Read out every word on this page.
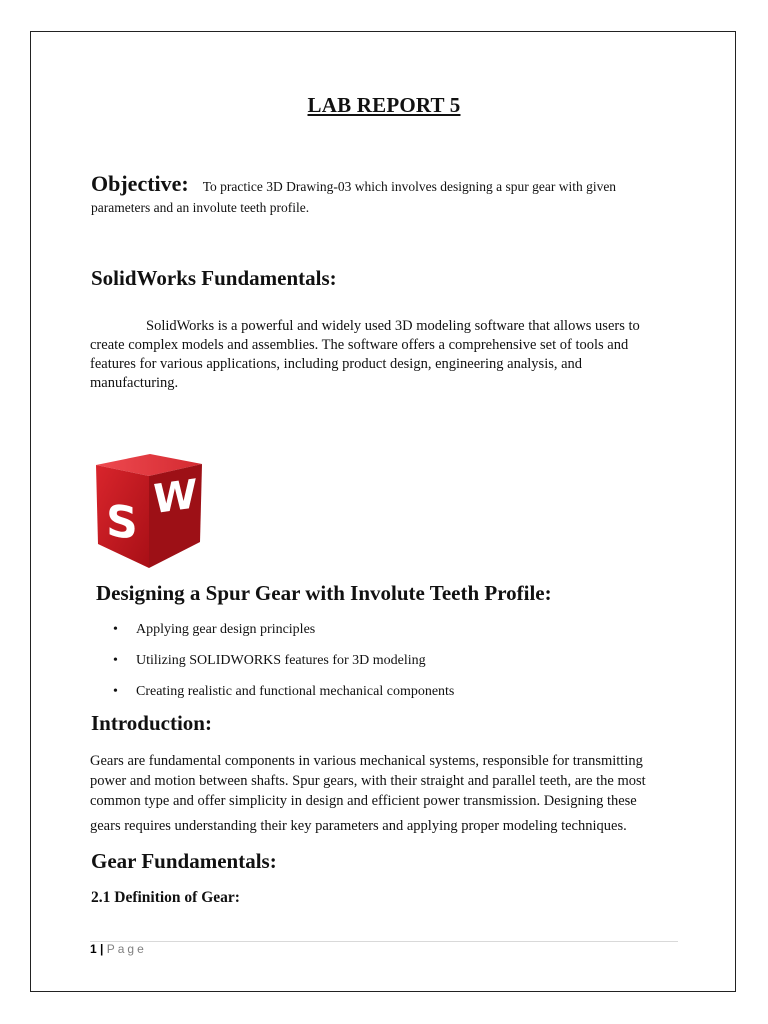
LAB REPORT 5
Objective: To practice 3D Drawing-03 which involves designing a spur gear with given
parameters and an involute teeth profile.
SolidWorks Fundamentals:

SolidWorks is a powerful and widely used 3D modeling software that allows users to create complex models and assemblies. The software offers a comprehensive set of tools and features for various applications, including product design, engineering analysis, and manufacturing.

S W
Designing a Spur Gear with Involute Teeth Profile:
• Applying gear design principles
• Utilizing SOLIDWORKS features for 3D modeling
• Creating realistic and functional mechanical components
Introduction:

Gears are fundamental components in various mechanical systems, responsible for transmitting power and motion between shafts. Spur gears, with their straight and parallel teeth, are the most common type and offer simplicity in design and efficient power transmission. Designing these

gears requires understanding their key parameters and applying proper modeling techniques.

Gear Fundamentals:
2.1 Definition of Gear:
1 | Page
